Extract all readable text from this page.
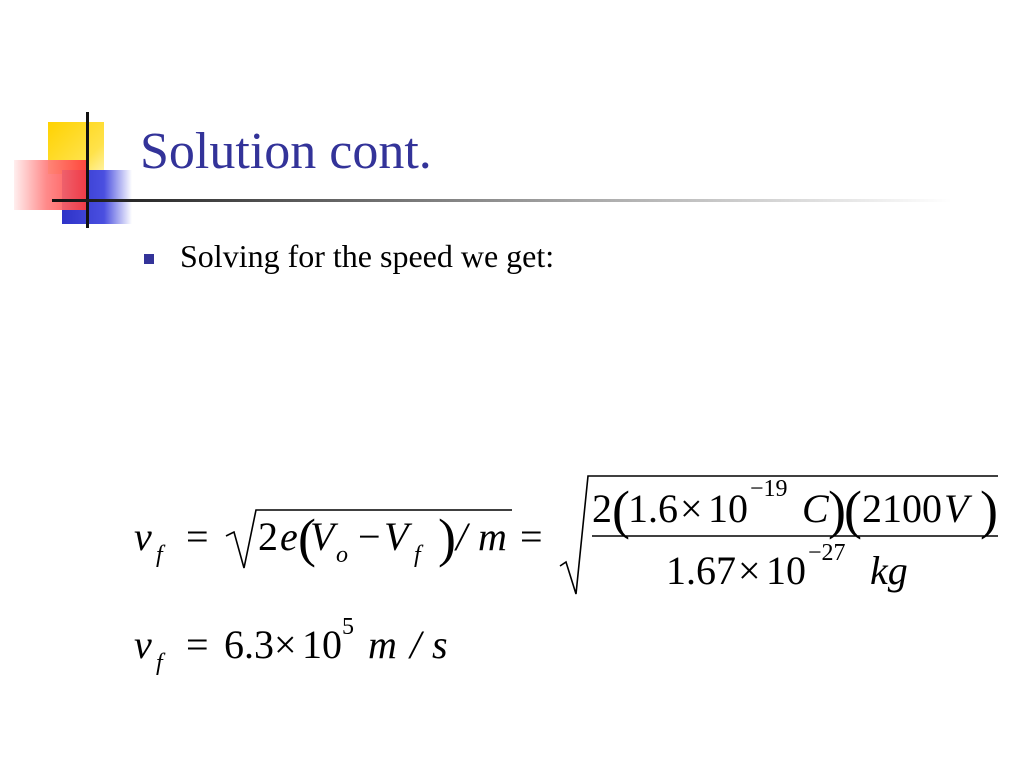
Solution cont.
Solving for the speed we get:
v f = 2 e (
V o − V f ) / m =
2 (
1.6 × 10 −19 C )
( 2100 V )
1.67 × 10 −27 kg
v f = 6.3 × 10 5 m / s
